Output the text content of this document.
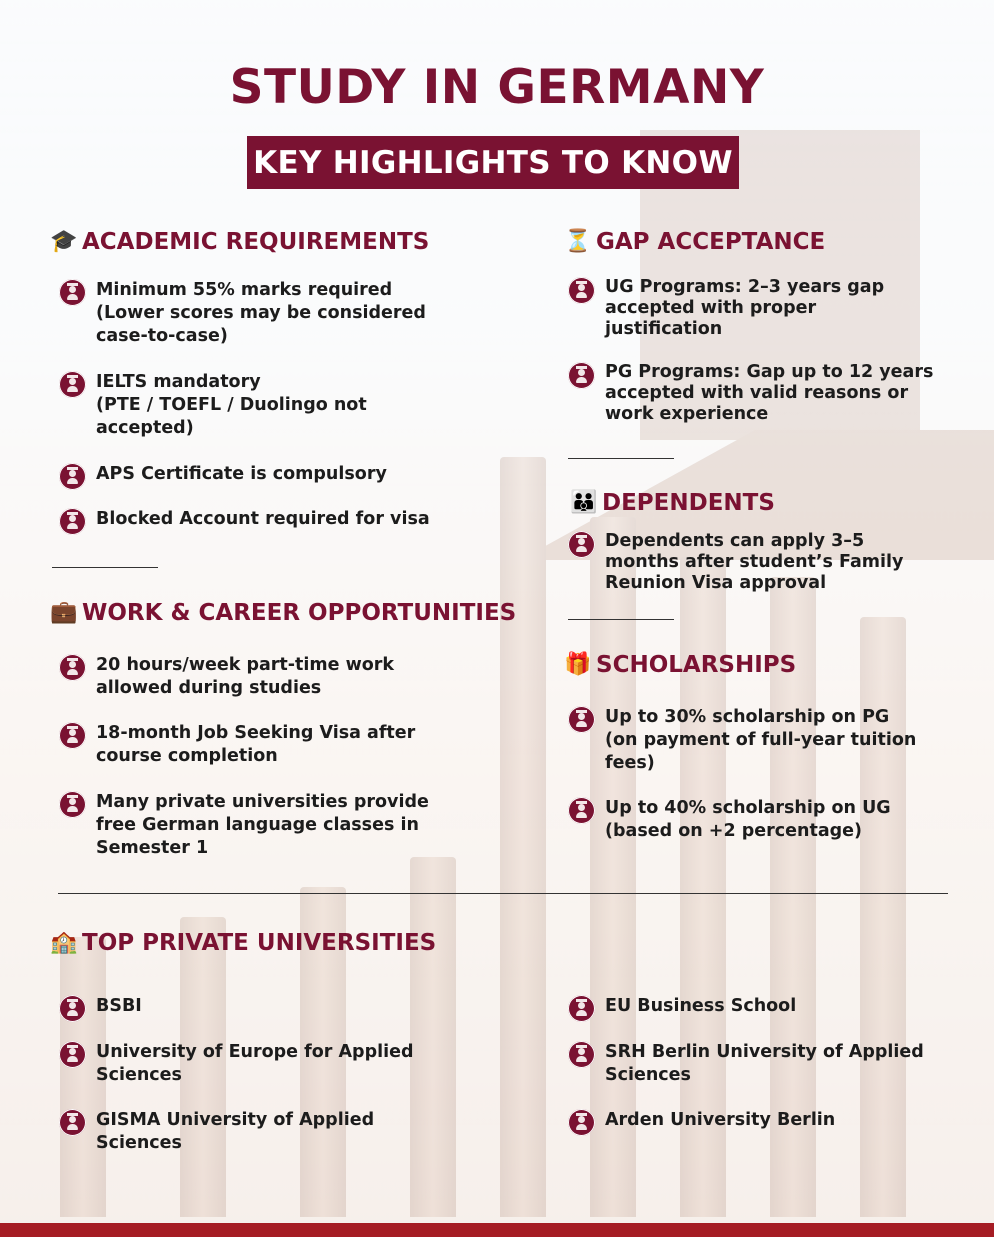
STUDY IN GERMANY
KEY HIGHLIGHTS TO KNOW
🎓 ACADEMIC REQUIREMENTS
Minimum 55% marks required
(Lower scores may be considered
case-to-case)
IELTS mandatory
(PTE / TOEFL / Duolingo not
accepted)
APS Certificate is compulsory
Blocked Account required for visa
💼 WORK & CAREER OPPORTUNITIES
20 hours/week part-time work
allowed during studies
18-month Job Seeking Visa after
course completion
Many private universities provide
free German language classes in
Semester 1
⏳ GAP ACCEPTANCE
UG Programs: 2–3 years gap
accepted with proper
justification
PG Programs: Gap up to 12 years
accepted with valid reasons or
work experience
👪 DEPENDENTS
Dependents can apply 3–5
months after student’s Family
Reunion Visa approval
🎁 SCHOLARSHIPS
Up to 30% scholarship on PG
(on payment of full-year tuition
fees)
Up to 40% scholarship on UG
(based on +2 percentage)
🏫 TOP PRIVATE UNIVERSITIES
BSBI
University of Europe for Applied
Sciences
GISMA University of Applied
Sciences
EU Business School
SRH Berlin University of Applied
Sciences
Arden University Berlin
